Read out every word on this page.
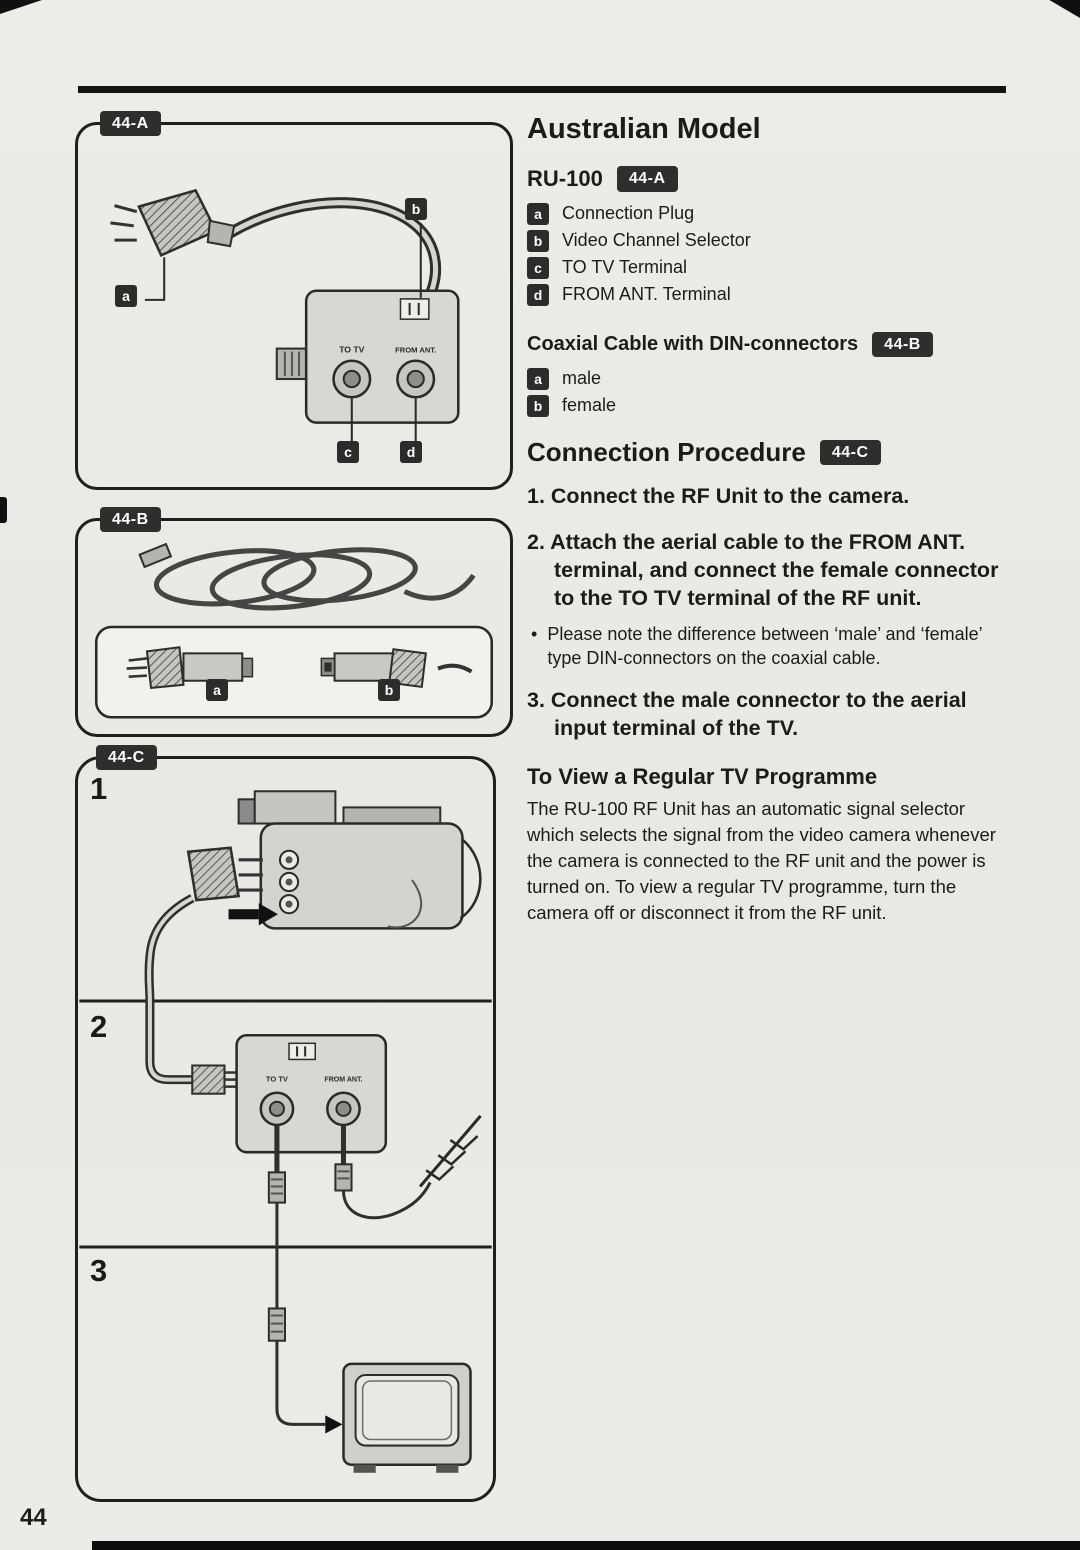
44-A
TO TV	FROM ANT.
a
b
c	d
44-B
a	b
44-C
TO TV	FROM ANT.
1
2
3
Australian Model
RU-100	44-A
a	Connection Plug
b	Video Channel Selector
c	TO TV Terminal
d	FROM ANT. Terminal
Coaxial Cable with DIN-connectors	44-B
a	male
b	female
Connection Procedure	44-C

1. Connect the RF Unit to the camera.

2. Attach the aerial cable to the FROM ANT. terminal, and connect the female connector to the TO TV terminal of the RF unit.

• Please note the difference between ‘male’ and ‘female’ type DIN-connectors on the coaxial cable.

3. Connect the male connector to the aerial input terminal of the TV.

To View a Regular TV Programme

The RU-100 RF Unit has an automatic signal selector which selects the signal from the video camera whenever the camera is connected to the RF unit and the power is turned on. To view a regular TV programme, turn the camera off or disconnect it from the RF unit.

44
